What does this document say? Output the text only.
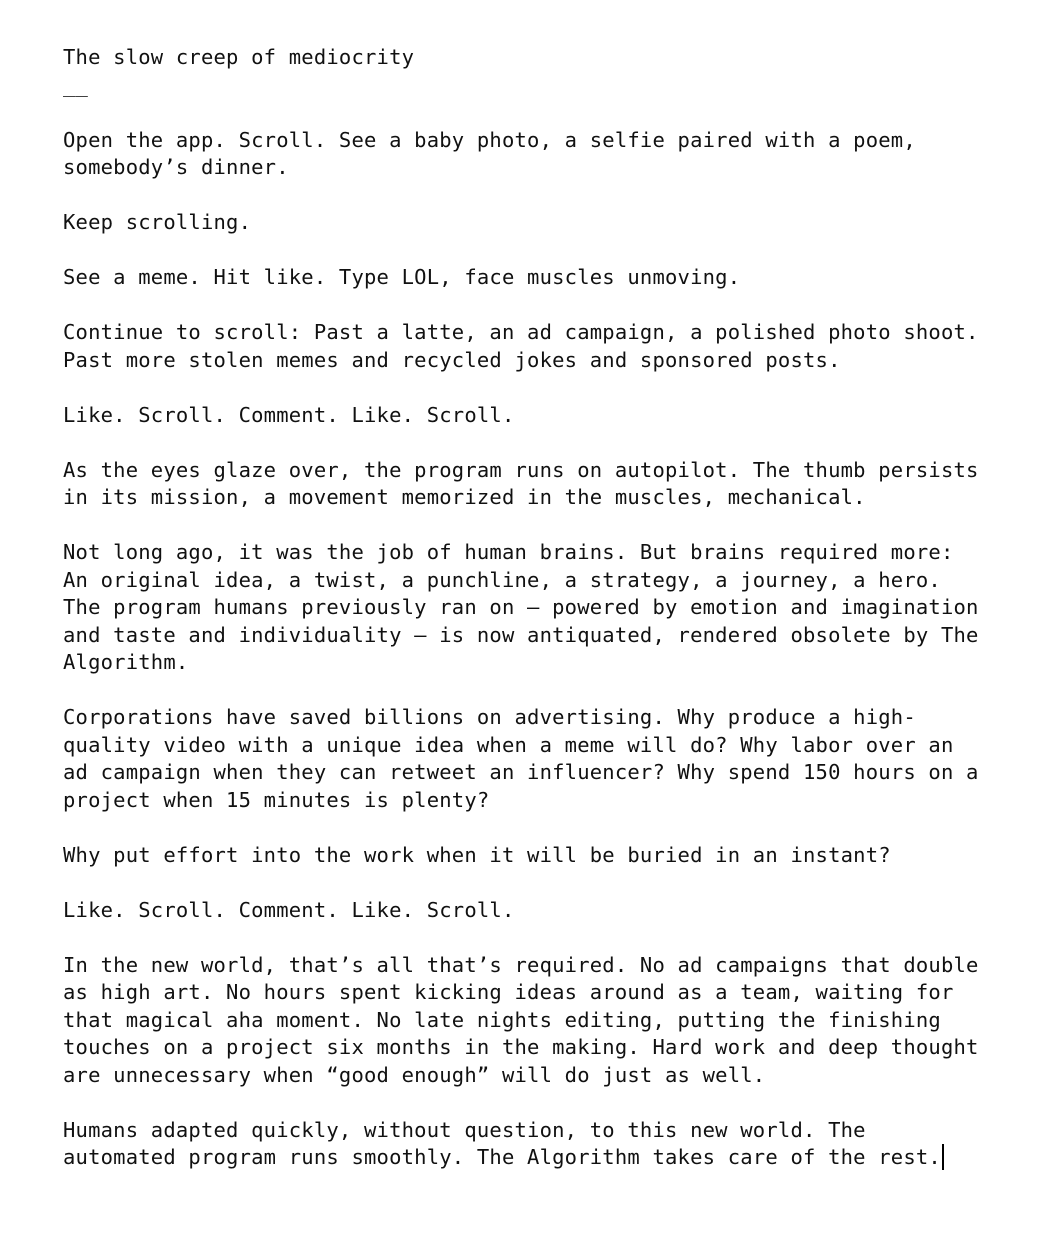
The slow creep of mediocrity
__
Open the app. Scroll. See a baby photo, a selfie paired with a poem,
somebody’s dinner.
Keep scrolling.
See a meme. Hit like. Type LOL, face muscles unmoving.
Continue to scroll: Past a latte, an ad campaign, a polished photo shoot.
Past more stolen memes and recycled jokes and sponsored posts.
Like. Scroll. Comment. Like. Scroll.
As the eyes glaze over, the program runs on autopilot. The thumb persists
in its mission, a movement memorized in the muscles, mechanical.
Not long ago, it was the job of human brains. But brains required more:
An original idea, a twist, a punchline, a strategy, a journey, a hero.
The program humans previously ran on — powered by emotion and imagination
and taste and individuality — is now antiquated, rendered obsolete by The
Algorithm.
Corporations have saved billions on advertising. Why produce a high-
quality video with a unique idea when a meme will do? Why labor over an
ad campaign when they can retweet an influencer? Why spend 150 hours on a
project when 15 minutes is plenty?
Why put effort into the work when it will be buried in an instant?
Like. Scroll. Comment. Like. Scroll.
In the new world, that’s all that’s required. No ad campaigns that double
as high art. No hours spent kicking ideas around as a team, waiting for
that magical aha moment. No late nights editing, putting the finishing
touches on a project six months in the making. Hard work and deep thought
are unnecessary when “good enough” will do just as well.
Humans adapted quickly, without question, to this new world. The
automated program runs smoothly. The Algorithm takes care of the rest.
